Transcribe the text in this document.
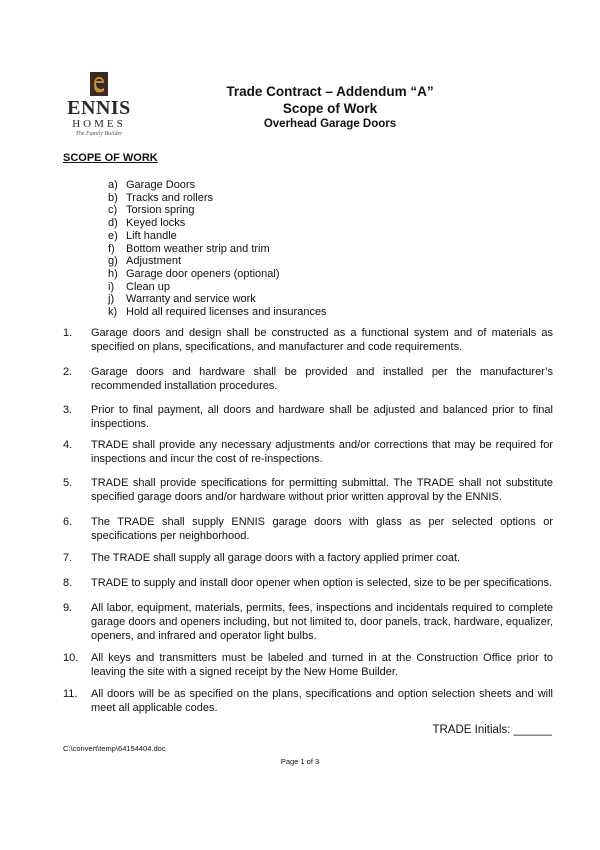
ENNIS
HOMES
The Family Builder
Trade Contract – Addendum “A”
Scope of Work
Overhead Garage Doors
SCOPE OF WORK
a) Garage Doors
b) Tracks and rollers
c) Torsion spring
d) Keyed locks
e) Lift handle
f) Bottom weather strip and trim
g) Adjustment
h) Garage door openers (optional)
i) Clean up
j) Warranty and service work
k) Hold all required licenses and insurances
1. Garage doors and design shall be constructed as a functional system and of materials as specified on plans, specifications, and manufacturer and code requirements.
2. Garage doors and hardware shall be provided and installed per the manufacturer’s recommended installation procedures.
3. Prior to final payment, all doors and hardware shall be adjusted and balanced prior to final inspections.
4. TRADE shall provide any necessary adjustments and/or corrections that may be required for inspections and incur the cost of re-inspections.
5. TRADE shall provide specifications for permitting submittal. The TRADE shall not substitute specified garage doors and/or hardware without prior written approval by the ENNIS.
6. The TRADE shall supply ENNIS garage doors with glass as per selected options or specifications per neighborhood.
7. The TRADE shall supply all garage doors with a factory applied primer coat.
8. TRADE to supply and install door opener when option is selected, size to be per specifications.
9. All labor, equipment, materials, permits, fees, inspections and incidentals required to complete garage doors and openers including, but not limited to, door panels, track, hardware, equalizer, openers, and infrared and operator light bulbs.
10. All keys and transmitters must be labeled and turned in at the Construction Office prior to leaving the site with a signed receipt by the New Home Builder.
11. All doors will be as specified on the plans, specifications and option selection sheets and will meet all applicable codes.
TRADE Initials: ______
C:\convert\temp\64154404.doc
Page 1 of 3
